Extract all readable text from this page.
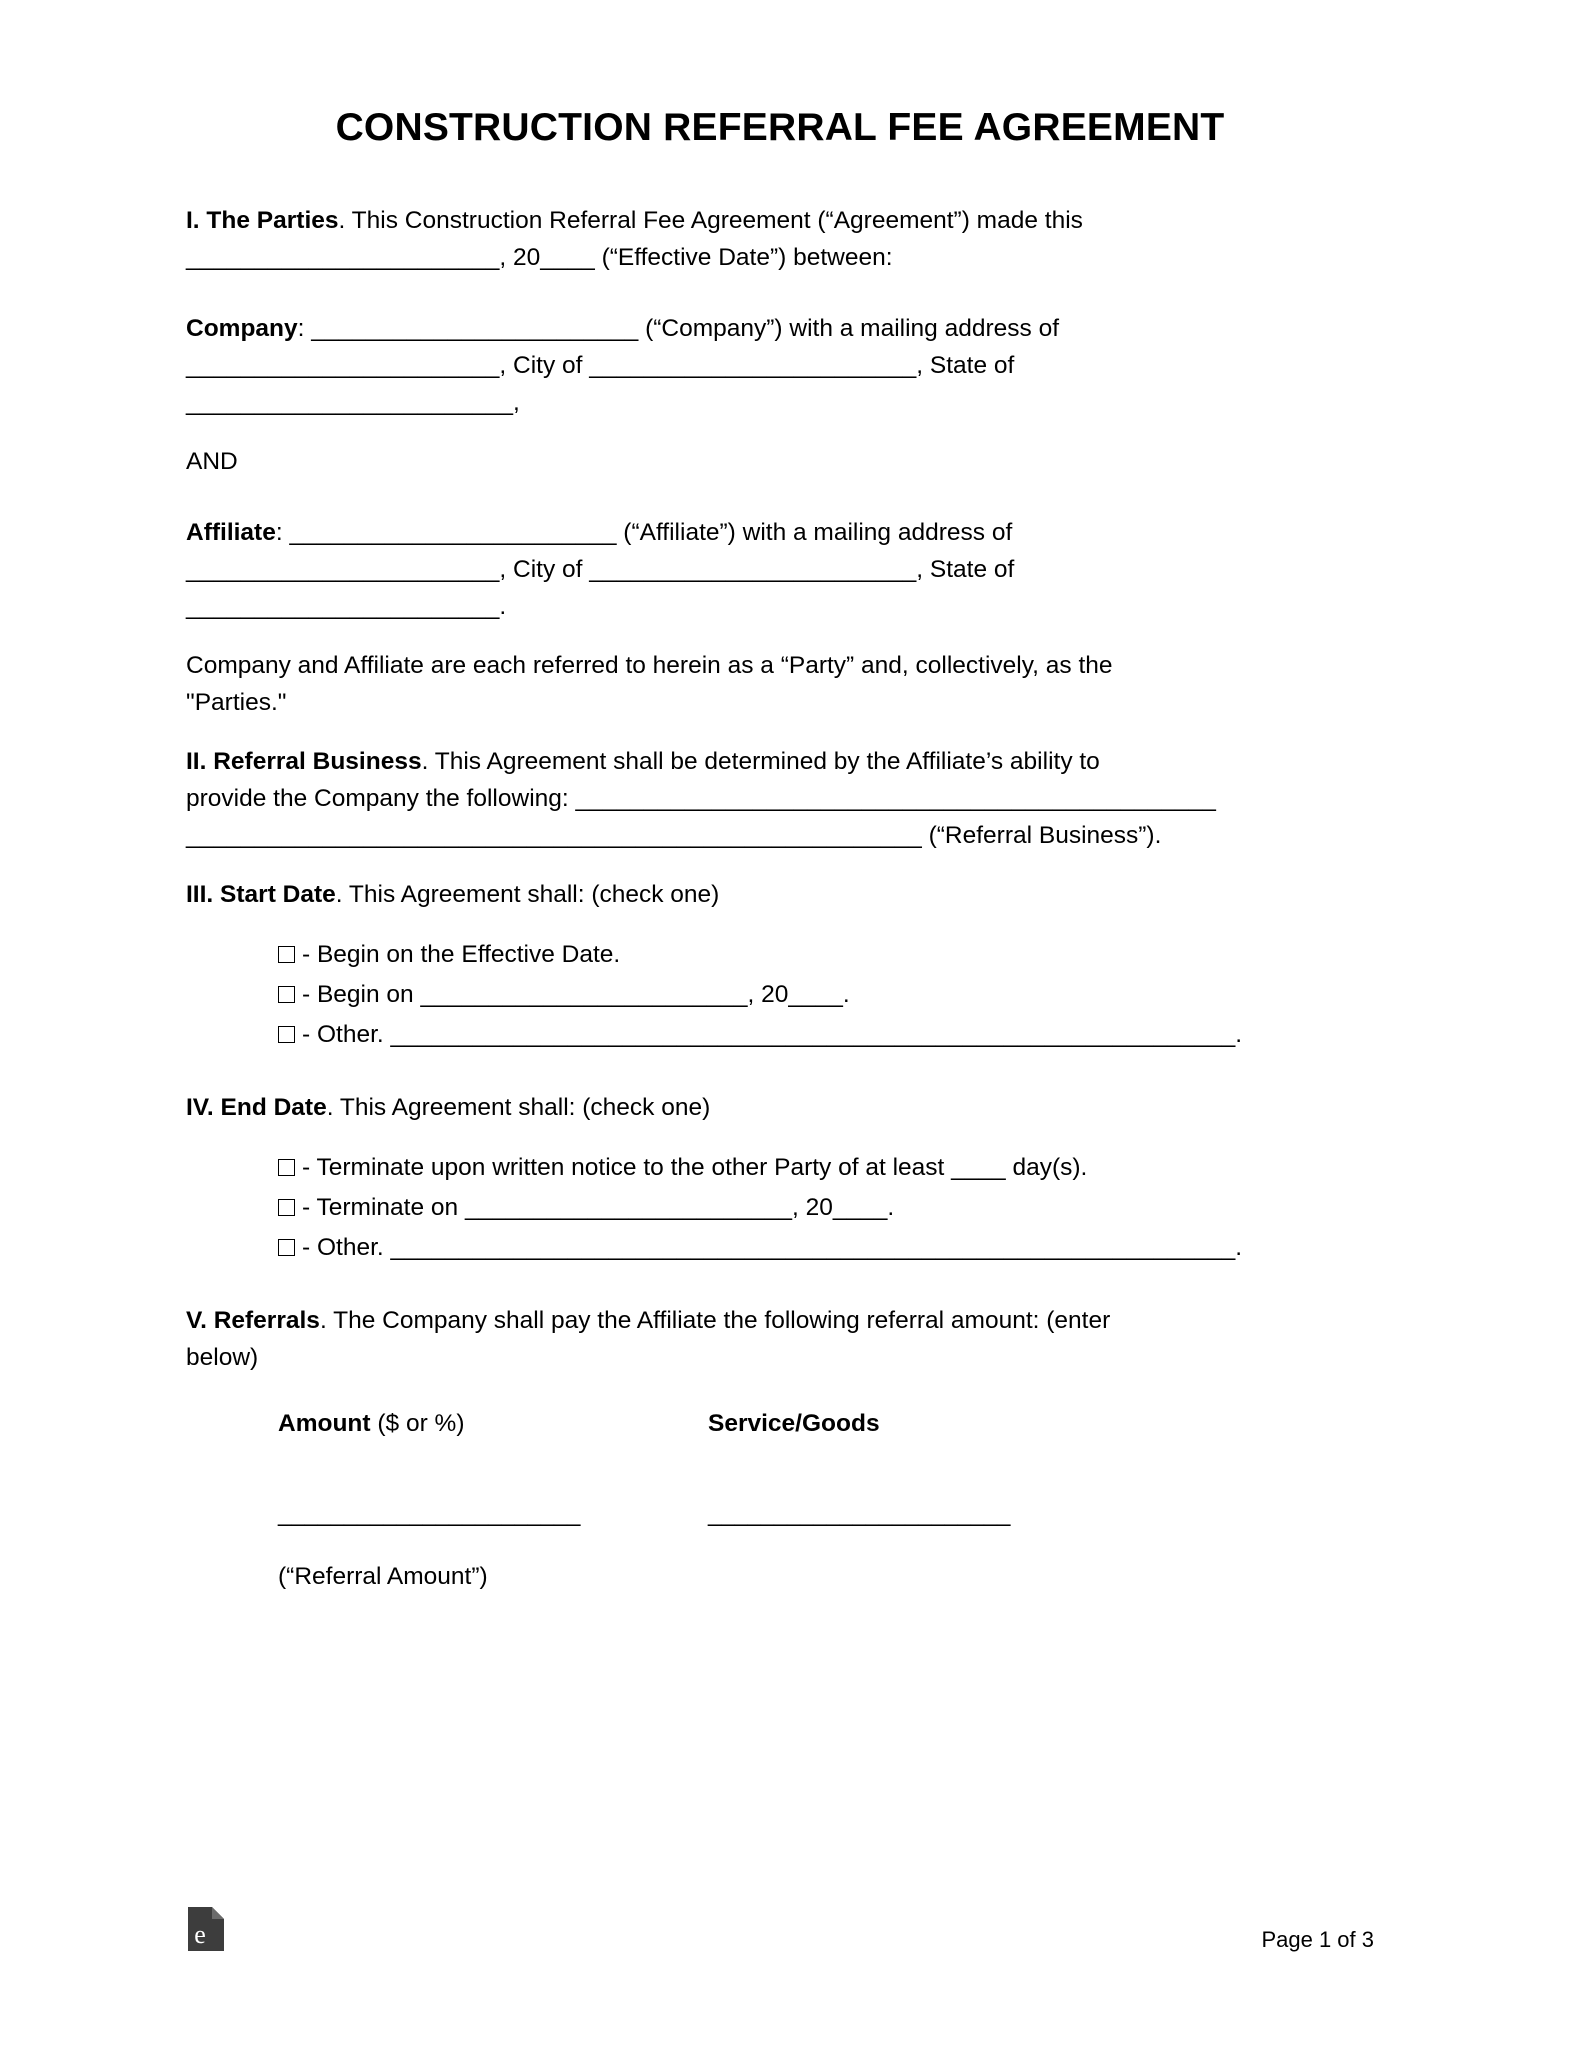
CONSTRUCTION REFERRAL FEE AGREEMENT
I. The Parties. This Construction Referral Fee Agreement (“Agreement”) made this
_______________________, 20____ (“Effective Date”) between:
Company: ________________________ (“Company”) with a mailing address of
_______________________, City of ________________________, State of
________________________,
AND
Affiliate: ________________________ (“Affiliate”) with a mailing address of
_______________________, City of ________________________, State of
_______________________.
Company and Affiliate are each referred to herein as a “Party” and, collectively, as the
"Parties."
II. Referral Business. This Agreement shall be determined by the Affiliate’s ability to
provide the Company the following: _______________________________________________
______________________________________________________ (“Referral Business”).
III. Start Date. This Agreement shall: (check one)
- Begin on the Effective Date.
- Begin on ________________________, 20____.
- Other. ______________________________________________________________.
IV. End Date. This Agreement shall: (check one)
- Terminate upon written notice to the other Party of at least ____ day(s).
- Terminate on ________________________, 20____.
- Other. ______________________________________________________________.
V. Referrals. The Company shall pay the Affiliate the following referral amount: (enter
below)
Amount ($ or %)	Service/Goods
_______________________	_______________________
(“Referral Amount”)
e	Page 1 of 3
